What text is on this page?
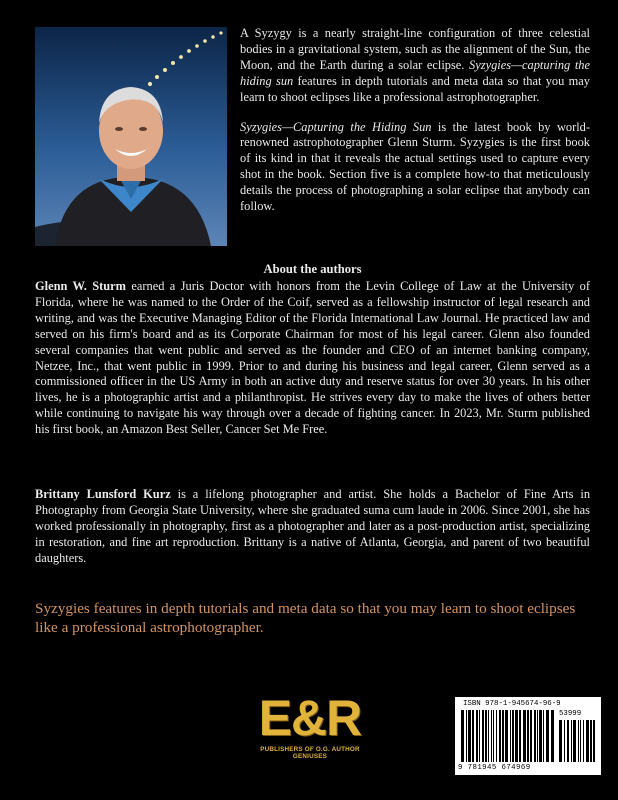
A Syzygy is a nearly straight-line configuration of three celestial bodies in a gravitational system, such as the alignment of the Sun, the Moon, and the Earth during a solar eclipse. Syzygies—capturing the hiding sun features in depth tutorials and meta data so that you may learn to shoot eclipses like a professional astrophotographer.

Syzygies—Capturing the Hiding Sun is the latest book by world-renowned astrophotographer Glenn Sturm. Syzygies is the first book of its kind in that it reveals the actual settings used to capture every shot in the book. Section five is a complete how-to that meticulously details the process of photographing a solar eclipse that anybody can follow.

About the authors

Glenn W. Sturm earned a Juris Doctor with honors from the Levin College of Law at the University of Florida, where he was named to the Order of the Coif, served as a fellowship instructor of legal research and writing, and was the Executive Managing Editor of the Florida International Law Journal. He practiced law and served on his firm's board and as its Corporate Chairman for most of his legal career. Glenn also founded several companies that went public and served as the founder and CEO of an internet banking company, Netzee, Inc., that went public in 1999. Prior to and during his business and legal career, Glenn served as a commissioned officer in the US Army in both an active duty and reserve status for over 30 years. In his other lives, he is a photographic artist and a philanthropist. He strives every day to make the lives of others better while continuing to navigate his way through over a decade of fighting cancer. In 2023, Mr. Sturm published his first book, an Amazon Best Seller, Cancer Set Me Free.

Brittany Lunsford Kurz is a lifelong photographer and artist. She holds a Bachelor of Fine Arts in Photography from Georgia State University, where she graduated suma cum laude in 2006. Since 2001, she has worked professionally in photography, first as a photographer and later as a post-production artist, specializing in restoration, and fine art reproduction. Brittany is a native of Atlanta, Georgia, and parent of two beautiful daughters.

Syzygies features in depth tutorials and meta data so that you may learn to shoot eclipses like a professional astrophotographer.

E&R
PUBLISHERS OF O.G. AUTHOR GENIUSES
ISBN 978-1-945674-96-9
53999
9 781945 674969
